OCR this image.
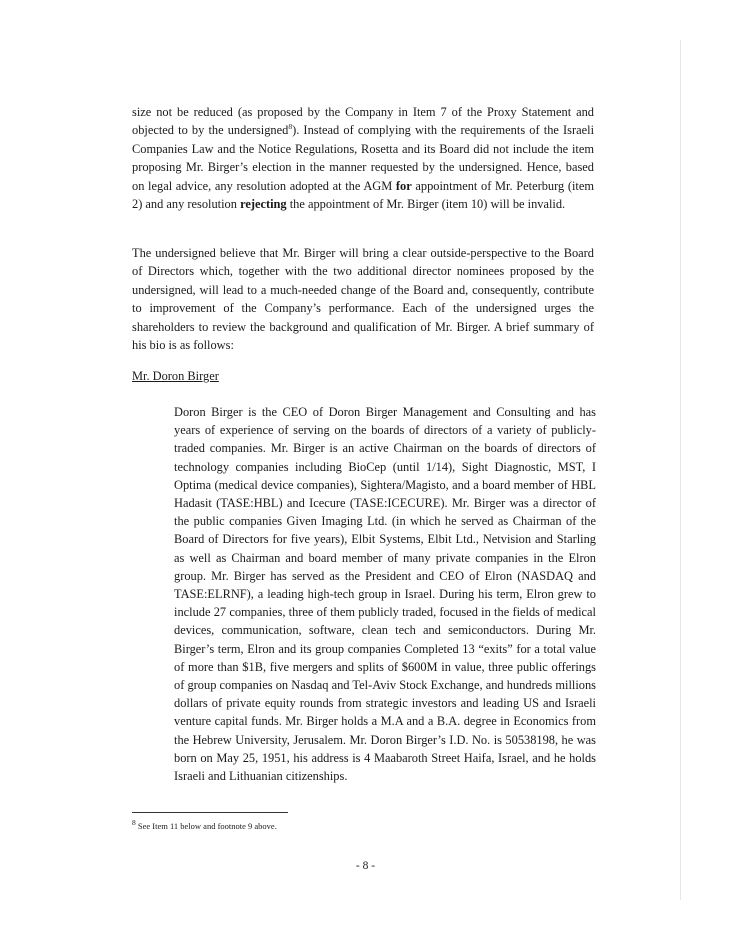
size not be reduced (as proposed by the Company in Item 7 of the Proxy Statement and objected to by the undersigned$^8$). Instead of complying with the requirements of the Israeli Companies Law and the Notice Regulations, Rosetta and its Board did not include the item proposing Mr. Birger’s election in the manner requested by the undersigned. Hence, based on legal advice, any resolution adopted at the AGM for appointment of Mr. Peterburg (item 2) and any resolution rejecting the appointment of Mr. Birger (item 10) will be invalid.
The undersigned believe that Mr. Birger will bring a clear outside-perspective to the Board of Directors which, together with the two additional director nominees proposed by the undersigned, will lead to a much-needed change of the Board and, consequently, contribute to improvement of the Company’s performance. Each of the undersigned urges the shareholders to review the background and qualification of Mr. Birger. A brief summary of his bio is as follows:
Mr. Doron Birger
Doron Birger is the CEO of Doron Birger Management and Consulting and has years of experience of serving on the boards of directors of a variety of publicly-traded companies. Mr. Birger is an active Chairman on the boards of directors of technology companies including BioCep (until 1/14), Sight Diagnostic, MST, I Optima (medical device companies), Sightera/Magisto, and a board member of HBL Hadasit (TASE:HBL) and Icecure (TASE:ICECURE). Mr. Birger was a director of the public companies Given Imaging Ltd. (in which he served as Chairman of the Board of Directors for five years), Elbit Systems, Elbit Ltd., Netvision and Starling as well as Chairman and board member of many private companies in the Elron group. Mr. Birger has served as the President and CEO of Elron (NASDAQ and TASE:ELRNF), a leading high-tech group in Israel. During his term, Elron grew to include 27 companies, three of them publicly traded, focused in the fields of medical devices, communication, software, clean tech and semiconductors. During Mr. Birger’s term, Elron and its group companies Completed 13 “exits” for a total value of more than $1B, five mergers and splits of $600M in value, three public offerings of group companies on Nasdaq and Tel-Aviv Stock Exchange, and hundreds millions dollars of private equity rounds from strategic investors and leading US and Israeli venture capital funds. Mr. Birger holds a M.A and a B.A. degree in Economics from the Hebrew University, Jerusalem. Mr. Doron Birger’s I.D. No. is 50538198, he was born on May 25, 1951, his address is 4 Maabaroth Street Haifa, Israel, and he holds Israeli and Lithuanian citizenships.
$^8$ See Item 11 below and footnote 9 above.
- 8 -
